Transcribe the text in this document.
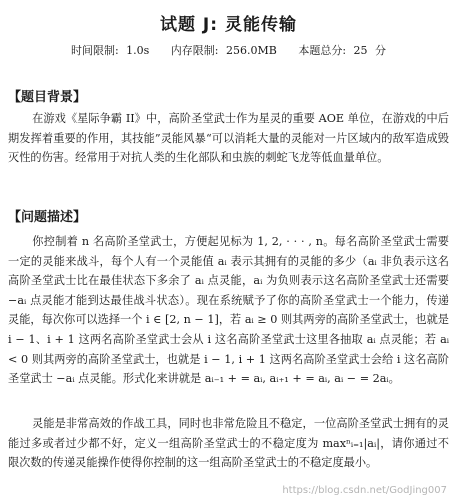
试题 J: 灵能传输
时间限制: 1.0s 内存限制: 256.0MB 本题总分: 25 分
【题目背景】
在游戏《星际争霸 II》中，高阶圣堂武士作为星灵的重要 AOE 单位，在游戏的中后期发挥着重要的作用，其技能”灵能风暴“可以消耗大量的灵能对一片区域内的敌军造成毁灭性的伤害。经常用于对抗人类的生化部队和虫族的刺蛇飞龙等低血量单位。
【问题描述】
你控制着 n 名高阶圣堂武士，方便起见标为 1, 2, · · · , n。每名高阶圣堂武士需要一定的灵能来战斗，每个人有一个灵能值 aᵢ 表示其拥有的灵能的多少（aᵢ 非负表示这名高阶圣堂武士比在最佳状态下多余了 aᵢ 点灵能，aᵢ 为负则表示这名高阶圣堂武士还需要 −aᵢ 点灵能才能到达最佳战斗状态）。现在系统赋予了你的高阶圣堂武士一个能力，传递灵能，每次你可以选择一个 i ∈ [2, n − 1]，若 aᵢ ≥ 0 则其两旁的高阶圣堂武士，也就是 i − 1、i + 1 这两名高阶圣堂武士会从 i 这名高阶圣堂武士这里各抽取 aᵢ 点灵能；若 aᵢ < 0 则其两旁的高阶圣堂武士，也就是 i − 1, i + 1 这两名高阶圣堂武士会给 i 这名高阶圣堂武士 −aᵢ 点灵能。形式化来讲就是 aᵢ₋₁ + = aᵢ, aᵢ₊₁ + = aᵢ, aᵢ − = 2aᵢ。
灵能是非常高效的作战工具，同时也非常危险且不稳定，一位高阶圣堂武士拥有的灵能过多或者过少都不好，定义一组高阶圣堂武士的不稳定度为 maxⁿᵢ₌₁|aᵢ|，请你通过不限次数的传递灵能操作使得你控制的这一组高阶圣堂武士的不稳定度最小。
https://blog.csdn.net/GodJing007
